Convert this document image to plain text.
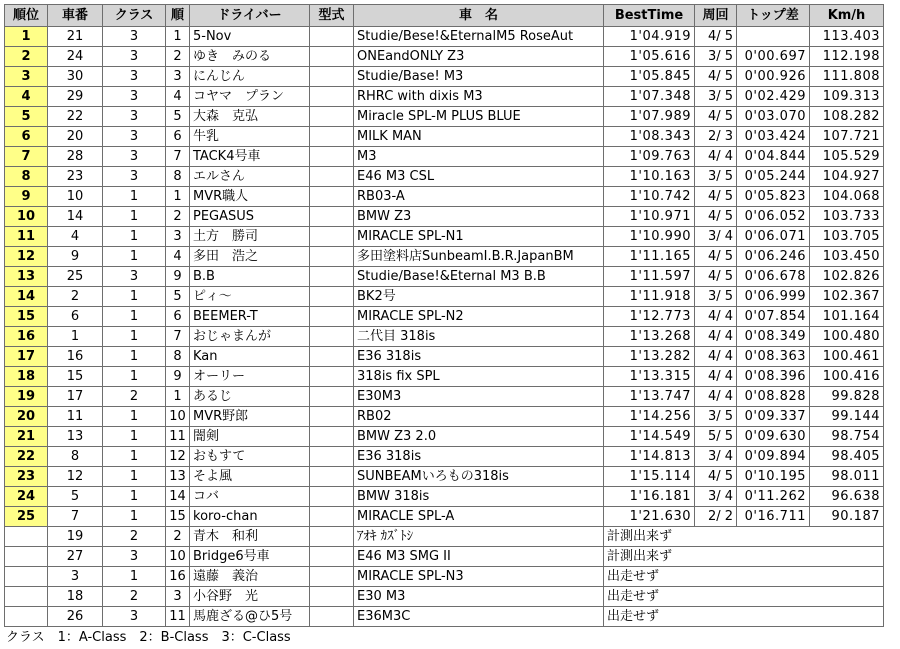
順位	車番	クラス	順	ドライバー	型式	車　名	BestTime	周回	トップ差	Km/h
1	21	3	1	5-Nov		Studie/Bese!&EternalM5 RoseAut	1'04.919	4/ 5		113.403
2	24	3	2	ゆき　みのる		ONEandONLY Z3	1'05.616	3/ 5	0'00.697	112.198
3	30	3	3	にんじん		Studie/Base! M3	1'05.845	4/ 5	0'00.926	111.808
4	29	3	4	コヤマ　プラン		RHRC with dixis M3	1'07.348	3/ 5	0'02.429	109.313
5	22	3	5	大森　克弘		Miracle SPL-M PLUS BLUE	1'07.989	4/ 5	0'03.070	108.282
6	20	3	6	牛乳		MILK MAN	1'08.343	2/ 3	0'03.424	107.721
7	28	3	7	TACK4号車		M3	1'09.763	4/ 4	0'04.844	105.529
8	23	3	8	エルさん		E46 M3 CSL	1'10.163	3/ 5	0'05.244	104.927
9	10	1	1	MVR職人		RB03-A	1'10.742	4/ 5	0'05.823	104.068
10	14	1	2	PEGASUS		BMW Z3	1'10.971	4/ 5	0'06.052	103.733
11	4	1	3	土方　勝司		MIRACLE SPL-N1	1'10.990	3/ 4	0'06.071	103.705
12	9	1	4	多田　浩之		多田塗料店SunbeamI.B.R.JapanBM	1'11.165	4/ 5	0'06.246	103.450
13	25	3	9	B.B		Studie/Base!&Eternal M3 B.B	1'11.597	4/ 5	0'06.678	102.826
14	2	1	5	ピィ～		BK2号	1'11.918	3/ 5	0'06.999	102.367
15	6	1	6	BEEMER-T		MIRACLE SPL-N2	1'12.773	4/ 4	0'07.854	101.164
16	1	1	7	おじゃまんが		二代目 318is	1'13.268	4/ 4	0'08.349	100.480
17	16	1	8	Kan		E36 318is	1'13.282	4/ 4	0'08.363	100.461
18	15	1	9	オーリー		318is fix SPL	1'13.315	4/ 4	0'08.396	100.416
19	17	2	1	あるじ		E30M3	1'13.747	4/ 4	0'08.828	99.828
20	11	1	10	MVR野郎		RB02	1'14.256	3/ 5	0'09.337	99.144
21	13	1	11	闇剣		BMW Z3 2.0	1'14.549	5/ 5	0'09.630	98.754
22	8	1	12	おもすて		E36 318is	1'14.813	3/ 4	0'09.894	98.405
23	12	1	13	そよ風		SUNBEAMいろもの318is	1'15.114	4/ 5	0'10.195	98.011
24	5	1	14	コバ		BMW 318is	1'16.181	3/ 4	0'11.262	96.638
25	7	1	15	koro-chan		MIRACLE SPL-A	1'21.630	2/ 2	0'16.711	90.187
	19	2	2	青木　和利		ｱｵｷ ｶｽﾞﾄｼ	計測出来ず			
	27	3	10	Bridge6号車		E46 M3 SMG II	計測出来ず			
	3	1	16	遠藤　義治		MIRACLE SPL-N3	出走せず			
	18	2	3	小谷野　光		E30 M3	出走せず			
	26	3	11	馬鹿ざる@ひ5号		E36M3C	出走せず			
クラス　1：A-Class　2：B-Class　3：C-Class
